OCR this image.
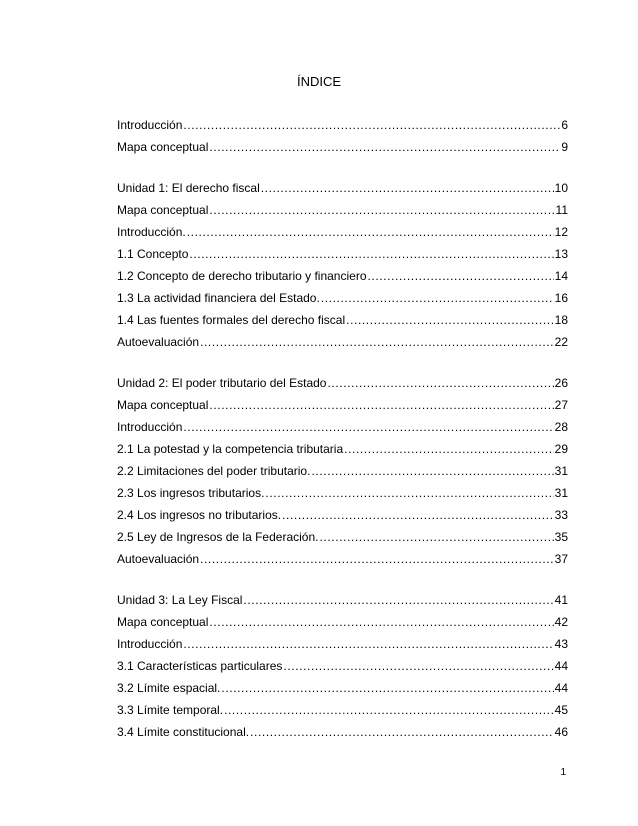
ÍNDICE
Introducción .....	6
Mapa conceptual .....	9
Unidad 1: El derecho fiscal .....	10
Mapa conceptual .....	11
Introducción. .....	12
1.1 Concepto .....	13
1.2 Concepto de derecho tributario y financiero .....	14
1.3 La actividad financiera del Estado. .....	16
1.4 Las fuentes formales del derecho fiscal .....	18
Autoevaluación .....	22
Unidad 2: El poder tributario del Estado .....	26
Mapa conceptual .....	27
Introducción .....	28
2.1 La potestad y la competencia tributaria .....	29
2.2 Limitaciones del poder tributario. .....	31
2.3 Los ingresos tributarios. .....	31
2.4 Los ingresos no tributarios. .....	33
2.5 Ley de Ingresos de la Federación. .....	35
Autoevaluación .....	37
Unidad 3: La Ley Fiscal .....	41
Mapa conceptual .....	42
Introducción .....	43
3.1 Características particulares .....	44
3.2 Límite espacial. .....	44
3.3 Límite temporal. .....	45
3.4 Límite constitucional. .....	46
1
